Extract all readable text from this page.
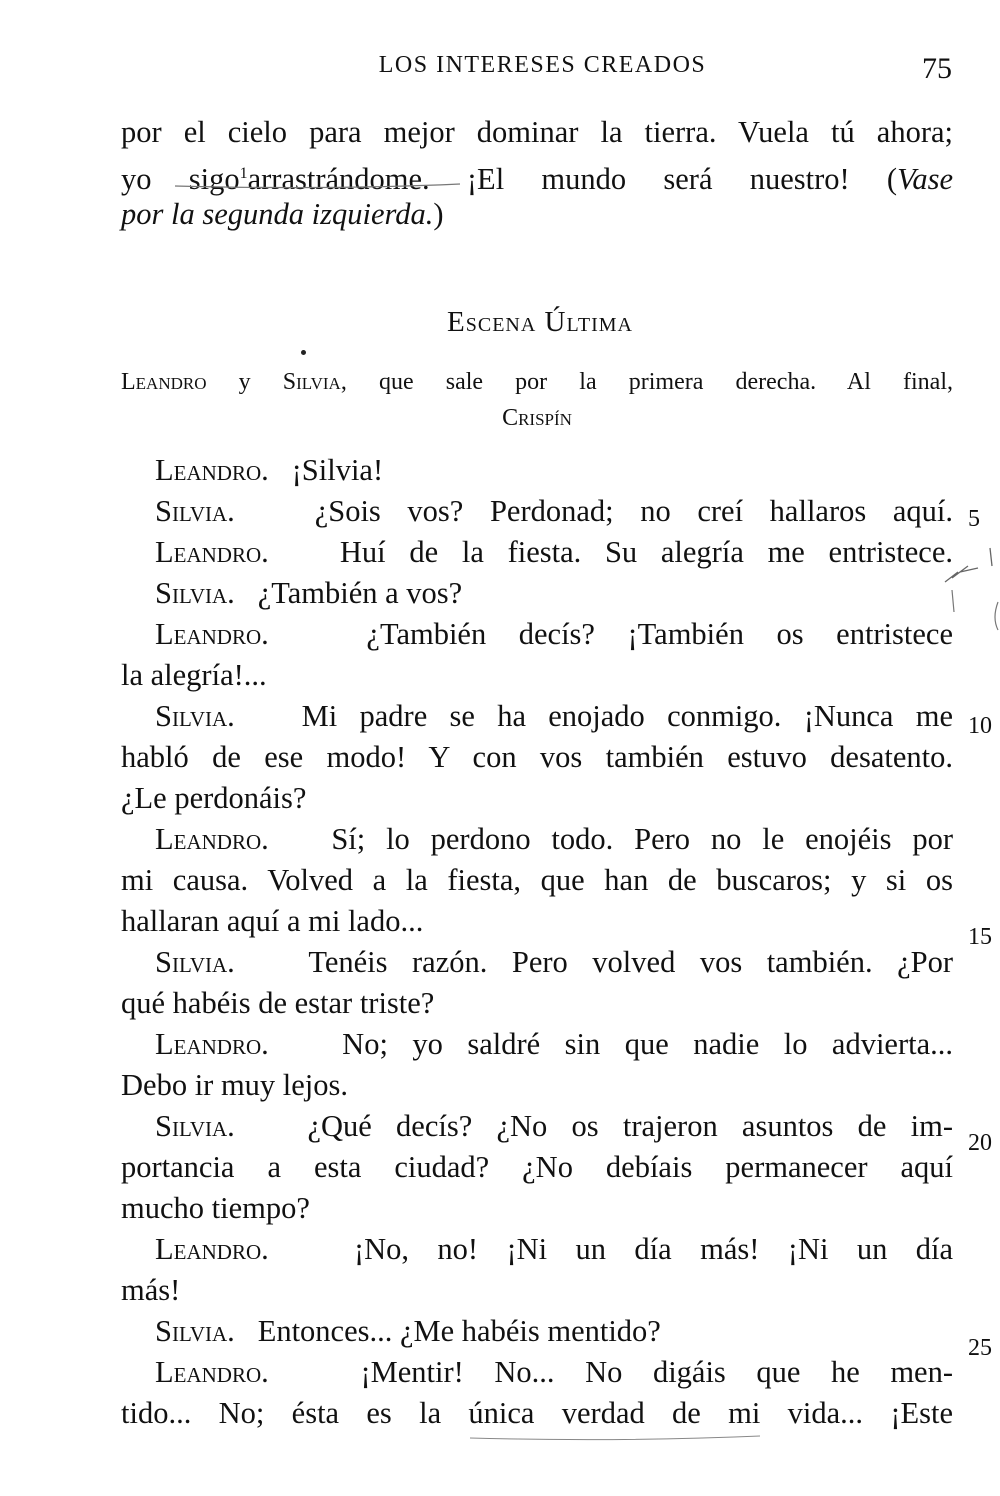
LOS INTERESES CREADOS	75
por el cielo para mejor dominar la tierra. Vuela tú ahora;
yo sigo$^1$arrastrándome. ¡El mundo será nuestro! (Vase
por la segunda izquierda.)
Escena Última
Leandro y Silvia, que sale por la primera derecha. Al final,
Crispín
Leandro. ¡Silvia!
Silvia.	¿Sois vos? Perdonad; no creí hallaros aquí.
Leandro. Huí de la fiesta. Su alegría me entristece.
Silvia. ¿También a vos?
Leandro.	¿También decís? ¡También os entristece
la alegría!...
Silvia. Mi padre se ha enojado conmigo. ¡Nunca me
habló de ese modo! Y con vos también estuvo desatento.
¿Le perdonáis?
Leandro. Sí; lo perdono todo. Pero no le enojéis por
mi causa. Volved a la fiesta, que han de buscaros; y si os
hallaran aquí a mi lado...
Silvia. Tenéis razón. Pero volved vos también. ¿Por
qué habéis de estar triste?
Leandro. No; yo saldré sin que nadie lo advierta...
Debo ir muy lejos.
Silvia. ¿Qué decís? ¿No os trajeron asuntos de im-
portancia a esta ciudad? ¿No debíais permanecer aquí
mucho tiempo?
Leandro.	¡No, no! ¡Ni un día más! ¡Ni un día
más!
Silvia. Entonces... ¿Me habéis mentido?
Leandro.	¡Mentir! No... No digáis que he men-
tido... No; ésta es la única verdad de mi vida... ¡Este
5
10
15
20
25
